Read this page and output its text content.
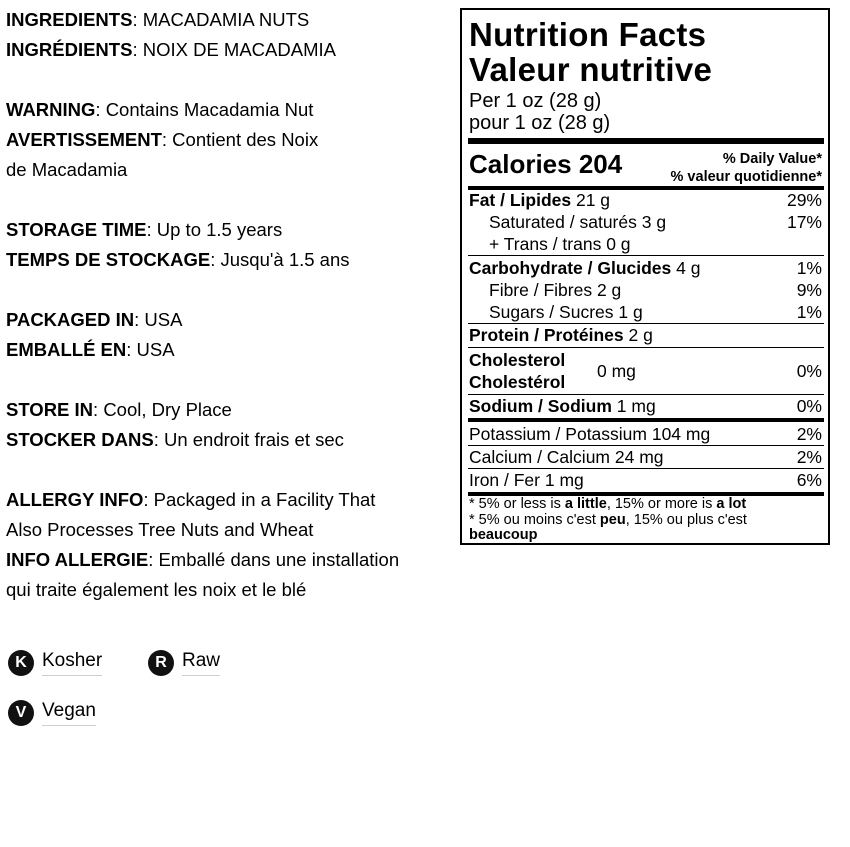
INGREDIENTS: MACADAMIA NUTS
INGRÉDIENTS: NOIX DE MACADAMIA
WARNING: Contains Macadamia Nut
AVERTISSEMENT: Contient des Noix
de Macadamia
STORAGE TIME: Up to 1.5 years
TEMPS DE STOCKAGE: Jusqu'à 1.5 ans
PACKAGED IN: USA
EMBALLÉ EN: USA
STORE IN: Cool, Dry Place
STOCKER DANS: Un endroit frais et sec
ALLERGY INFO: Packaged in a Facility That
Also Processes Tree Nuts and Wheat
INFO ALLERGIE: Emballé dans une installation
qui traite également les noix et le blé
K Kosher	R Raw
V Vegan
Nutrition Facts
Valeur nutritive
Per 1 oz (28 g)
pour 1 oz (28 g)
Calories 204	% Daily Value*
% valeur quotidienne*
Fat / Lipides 21 g	29%
Saturated / saturés 3 g	17%
+ Trans / trans 0 g
Carbohydrate / Glucides 4 g	1%
Fibre / Fibres 2 g	9%
Sugars / Sucres 1 g	1%
Protein / Protéines 2 g
Cholesterol
Cholestérol
0 mg	0%
Sodium / Sodium 1 mg	0%
Potassium / Potassium 104 mg	2%
Calcium / Calcium 24 mg	2%
Iron / Fer 1 mg	6%
* 5% or less is a little, 15% or more is a lot
* 5% ou moins c'est peu, 15% ou plus c'est
beaucoup
